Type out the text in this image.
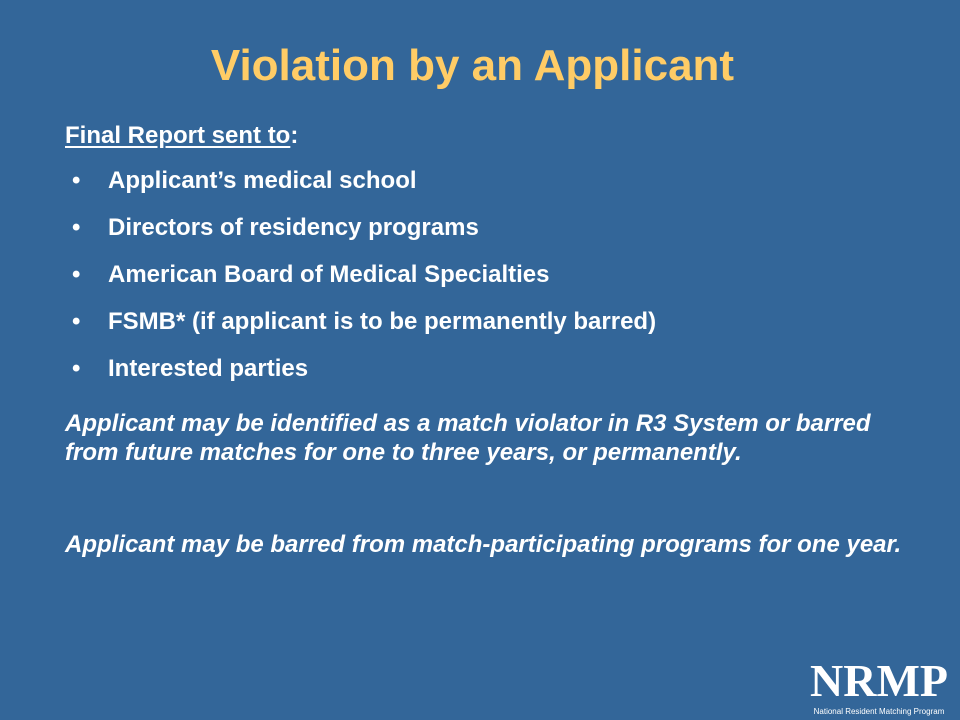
Violation by an Applicant
Final Report sent to:
• Applicant’s medical school
• Directors of residency programs
• American Board of Medical Specialties
• FSMB* (if applicant is to be permanently barred)
• Interested parties

Applicant may be identified as a match violator in R3 System or barred from future matches for one to three years, or permanently.

Applicant may be barred from match-participating programs for one year.

NRMP
National Resident Matching Program
